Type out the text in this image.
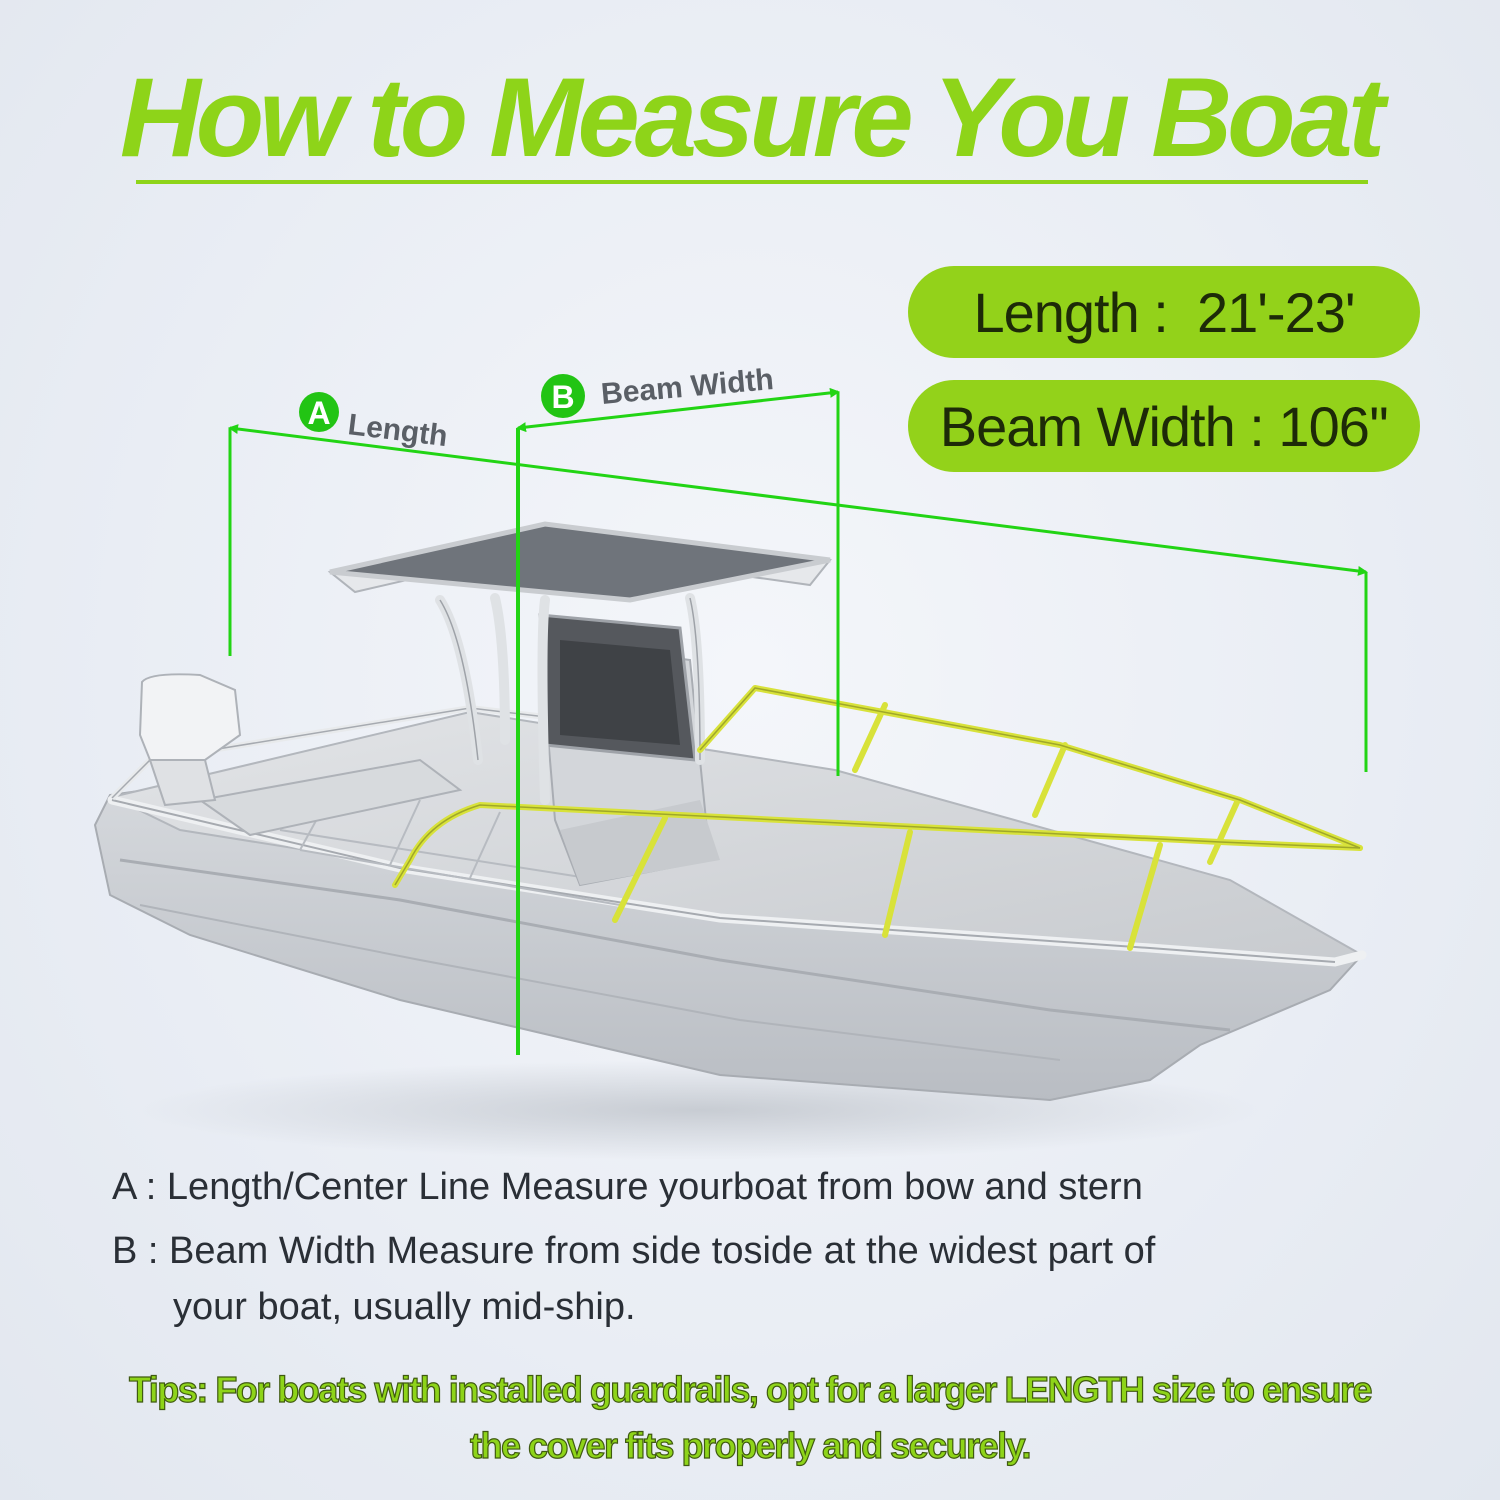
How to Measure You Boat
Length :  21'-23'
Beam Width : 106''
A Length
B Beam Width

A : Length/Center Line Measure yourboat from bow and stern

B : Beam Width Measure from side toside at the widest part of

your boat, usually mid-ship.

Tips: For boats with installed guardrails, opt for a larger LENGTH size to ensure
the cover fits properly and securely.
